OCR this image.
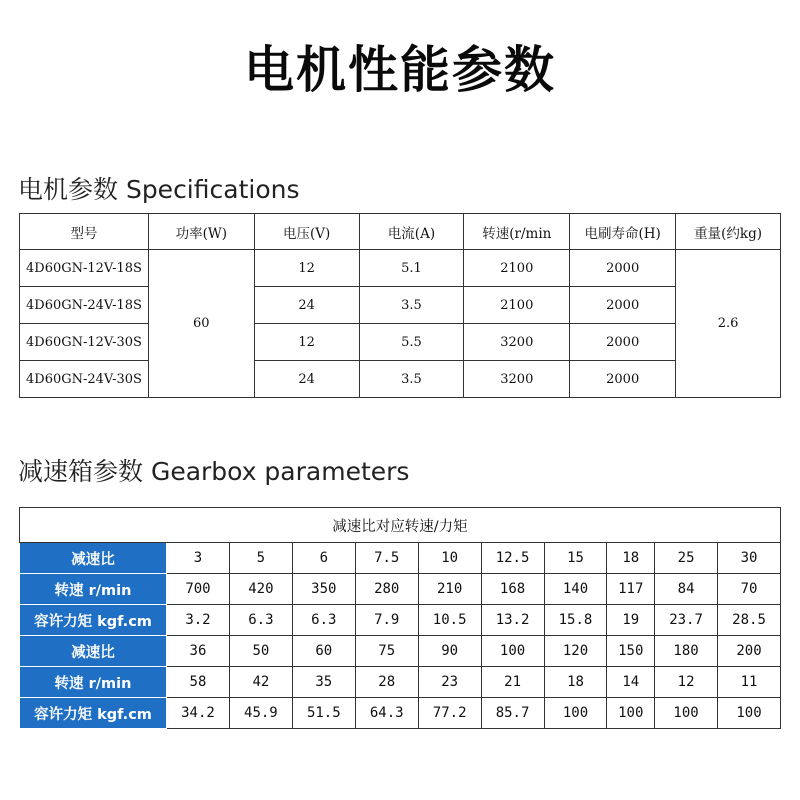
电机性能参数
电机参数 Specifications
型号	功率(W)	电压(V)	电流(A)	转速(r/min	电刷寿命(H)	重量(约kg)
4D60GN-12V-18S	60	12	5.1	2100	2000	2.6
4D60GN-24V-18S		24	3.5	2100	2000	
4D60GN-12V-30S		12	5.5	3200	2000	
4D60GN-24V-30S		24	3.5	3200	2000	
减速箱参数 Gearbox parameters
减速比对应转速/力矩										
减速比	3	5	6	7.5	10	12.5	15	18	25	30
转速 r/min	700	420	350	280	210	168	140	117	84	70
容许力矩 kgf.cm	3.2	6.3	6.3	7.9	10.5	13.2	15.8	19	23.7	28.5
减速比	36	50	60	75	90	100	120	150	180	200
转速 r/min	58	42	35	28	23	21	18	14	12	11
容许力矩 kgf.cm	34.2	45.9	51.5	64.3	77.2	85.7	100	100	100	100
